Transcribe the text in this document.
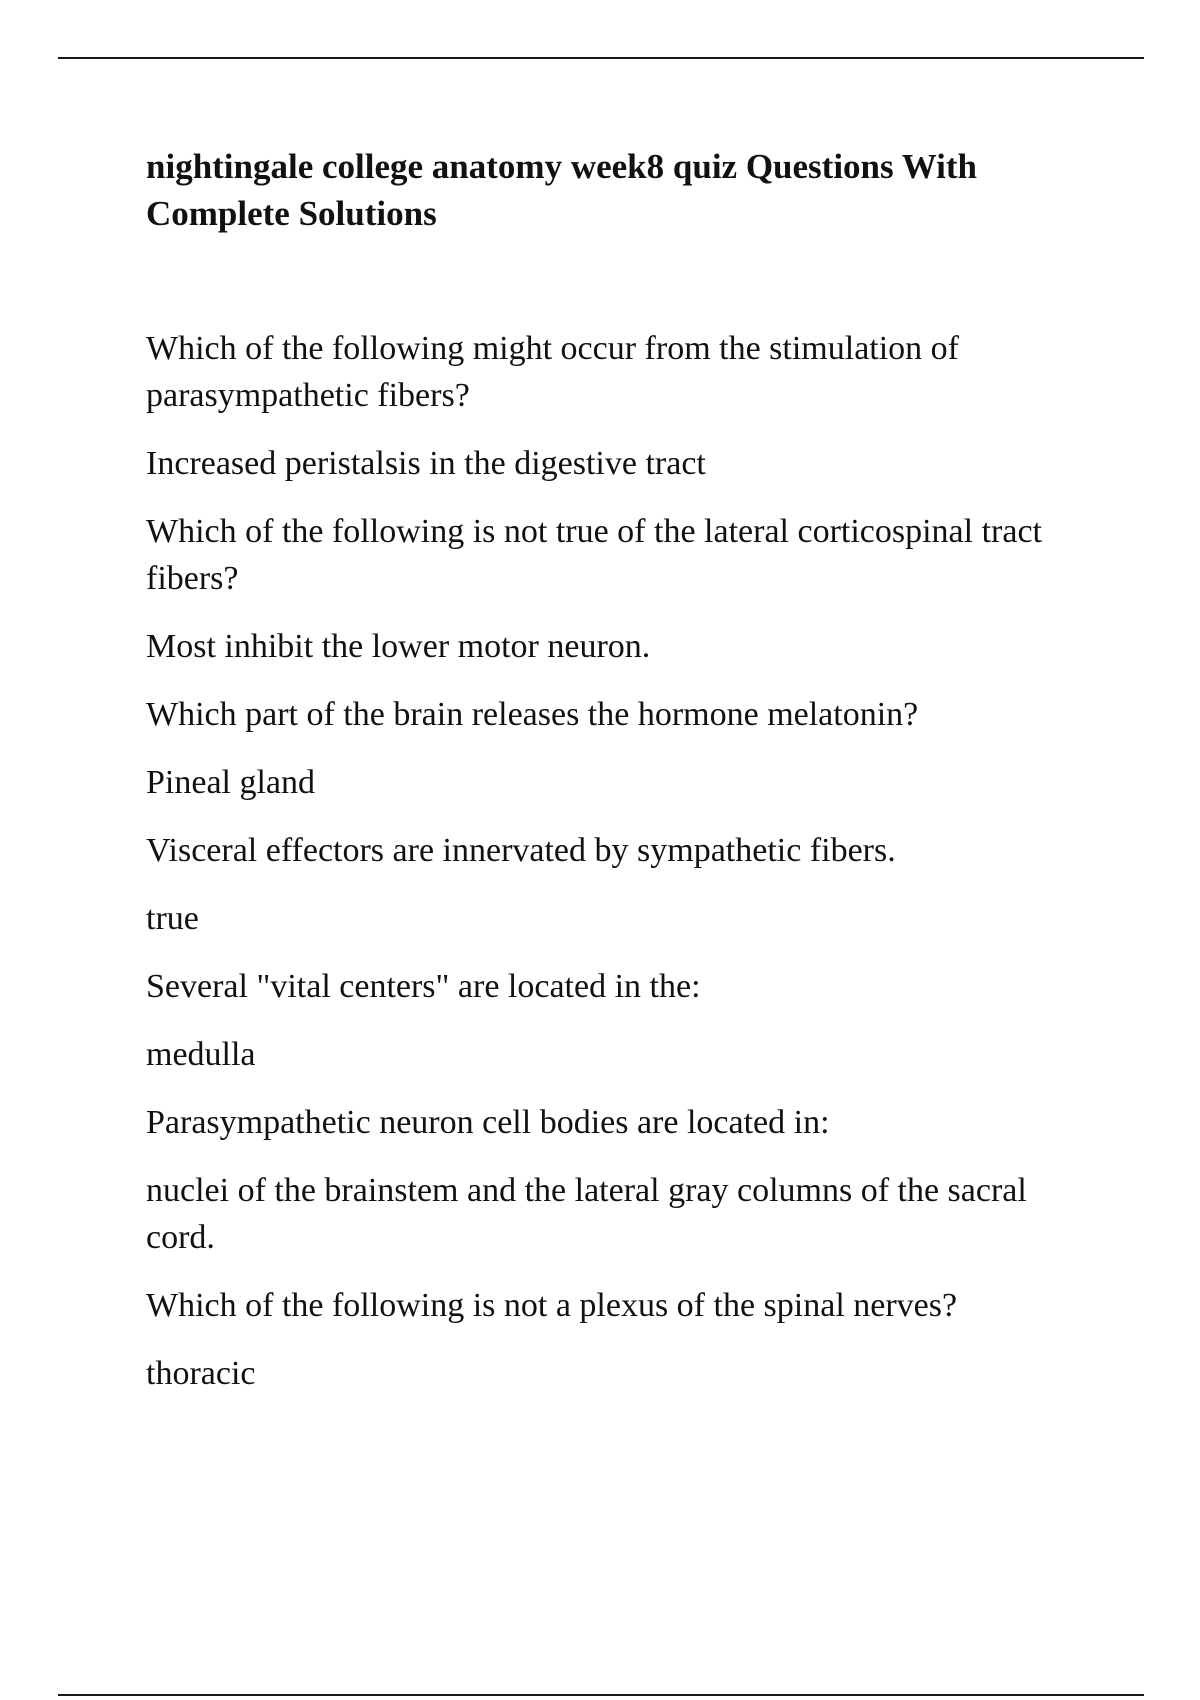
nightingale college anatomy week8 quiz Questions With Complete Solutions
Which of the following might occur from the stimulation of parasympathetic fibers?
Increased peristalsis in the digestive tract
Which of the following is not true of the lateral corticospinal tract fibers?
Most inhibit the lower motor neuron.
Which part of the brain releases the hormone melatonin?
Pineal gland
Visceral effectors are innervated by sympathetic fibers.
true
Several "vital centers" are located in the:
medulla
Parasympathetic neuron cell bodies are located in:
nuclei of the brainstem and the lateral gray columns of the sacral cord.
Which of the following is not a plexus of the spinal nerves?
thoracic
